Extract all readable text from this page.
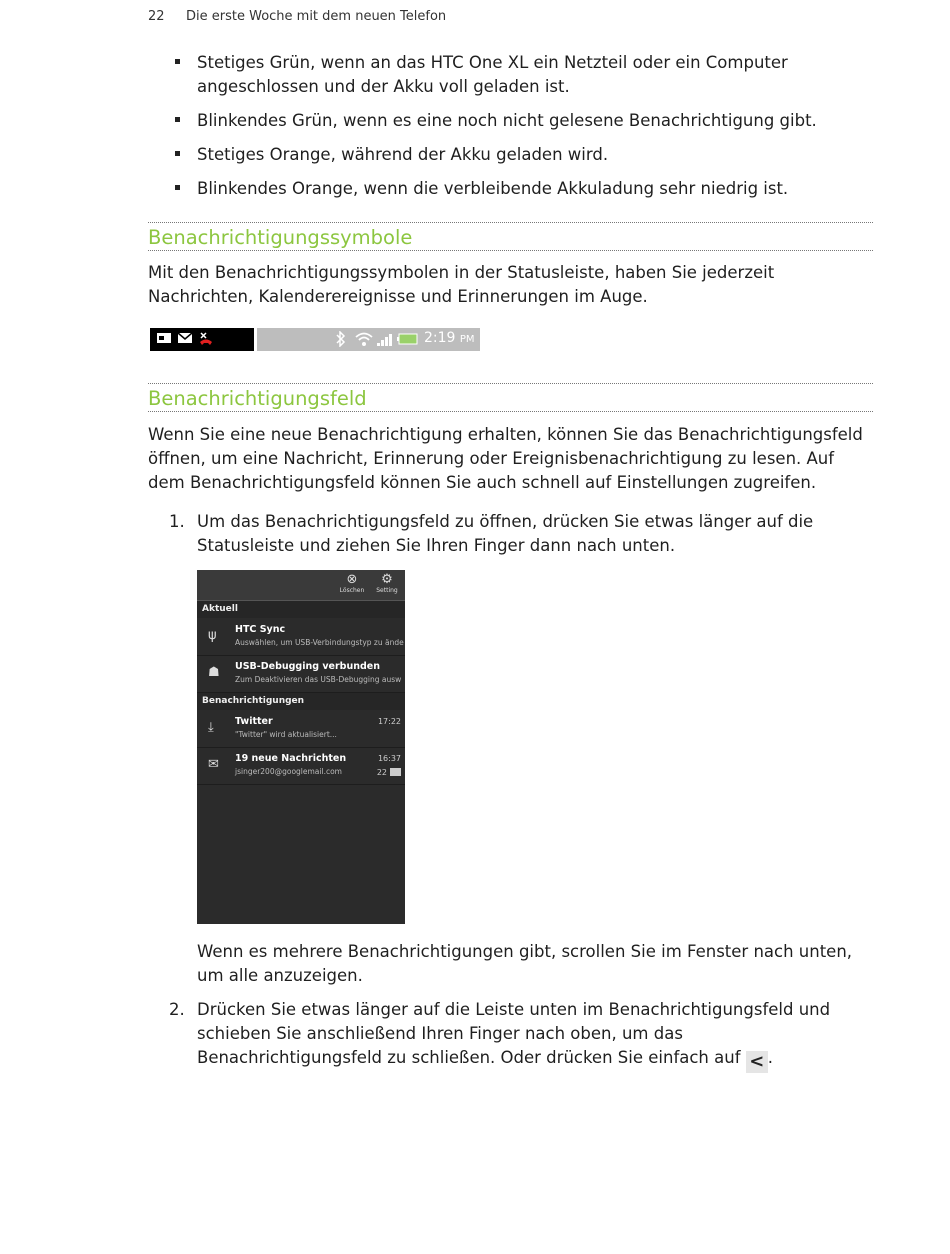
22 Die erste Woche mit dem neuen Telefon
Stetiges Grün, wenn an das HTC One XL ein Netzteil oder ein Computer angeschlossen und der Akku voll geladen ist.
Blinkendes Grün, wenn es eine noch nicht gelesene Benachrichtigung gibt.
Stetiges Orange, während der Akku geladen wird.
Blinkendes Orange, wenn die verbleibende Akkuladung sehr niedrig ist.
Benachrichtigungssymbole

Mit den Benachrichtigungssymbolen in der Statusleiste, haben Sie jederzeit Nachrichten, Kalenderereignisse und Erinnerungen im Auge.

2:19 PM
Benachrichtigungsfeld

Wenn Sie eine neue Benachrichtigung erhalten, können Sie das Benachrichtigungsfeld öffnen, um eine Nachricht, Erinnerung oder Ereignisbenachrichtigung zu lesen. Auf dem Benachrichtigungsfeld können Sie auch schnell auf Einstellungen zugreifen.

1. Um das Benachrichtigungsfeld zu öffnen, drücken Sie etwas länger auf die Statusleiste und ziehen Sie Ihren Finger dann nach unten.
⊗
Löschen
⚙
Setting
Aktuell
ψ HTC Sync
Auswählen, um USB-Verbindungstyp zu ände
☗ USB-Debugging verbunden
Zum Deaktivieren das USB-Debugging ausw
Benachrichtigungen
⤓ Twitter
"Twitter" wird aktualisiert...
17:22
✉ 19 neue Nachrichten
jsinger200@googlemail.com
16:37
22

Wenn es mehrere Benachrichtigungen gibt, scrollen Sie im Fenster nach unten, um alle anzuzeigen.

2. Drücken Sie etwas länger auf die Leiste unten im Benachrichtigungsfeld und schieben Sie anschließend Ihren Finger nach oben, um das Benachrichtigungsfeld zu schließen. Oder drücken Sie einfach auf < .
